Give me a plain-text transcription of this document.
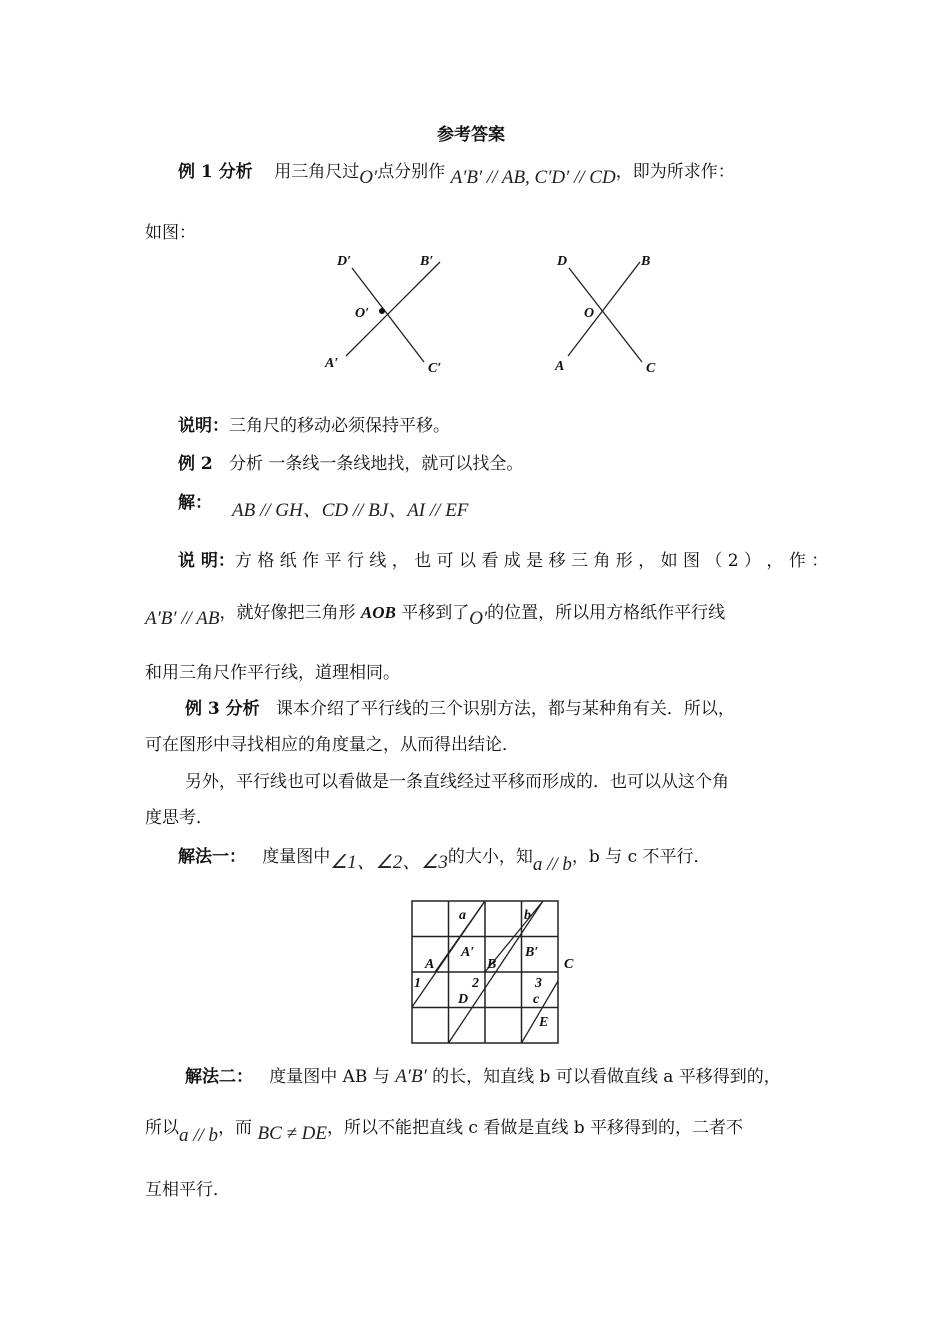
参考答案
例 1 分析 用三角尺过O′点分别作 A′B′ // AB, C′D′ // CD，即为所求作：
如图：
D′	B′
O′
A′	C′
D	B
O
A	C
说明：三角尺的移动必须保持平移。
例 2 分析 一条线一条线地找，就可以找全。
解： AB // GH、CD // BJ、AI // EF
说 明：方 格 纸 作 平 行 线 ， 也 可 以 看 成 是 移 三 角 形 ， 如 图 （ 2 ） ， 作 ：
A′B′ // AB，就好像把三角形 AOB 平移到了O′的位置，所以用方格纸作平行线
和用三角尺作平行线，道理相同。
例 3 分析 课本介绍了平行线的三个识别方法，都与某种角有关．所以，
可在图形中寻找相应的角度量之，从而得出结论．
另外，平行线也可以看做是一条直线经过平移而形成的．也可以从这个角
度思考．
解法一： 度量图中∠1、∠2、∠3的大小，知a // b，b 与 c 不平行．
a	b
A′	B′
A	B	C
1	2	3
D	c
E
解法二： 度量图中 AB 与 A′B′ 的长，知直线 b 可以看做直线 a 平移得到的，
所以a // b，而 BC ≠ DE，所以不能把直线 c 看做是直线 b 平移得到的，二者不
互相平行．
